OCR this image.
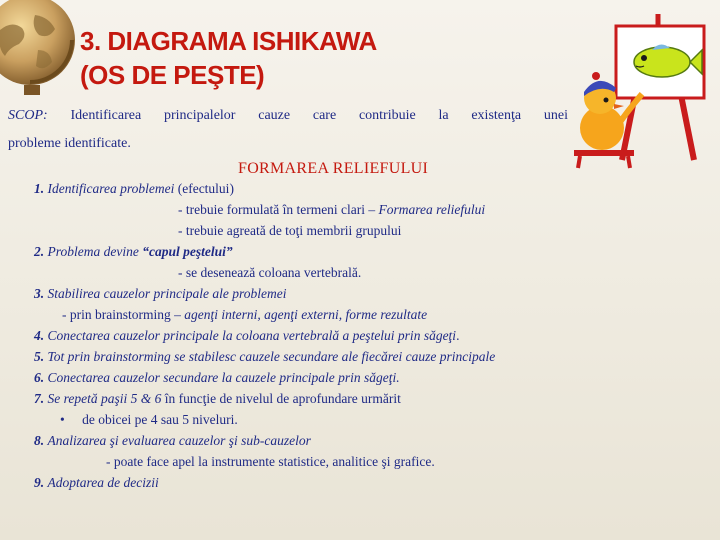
3. DIAGRAMA ISHIKAWA
(OS DE PEŞTE)
SCOP: Identificarea principalelor cauze care contribuie la existenţa unei
probleme identificate.
FORMAREA RELIEFULUI
1. Identificarea problemei (efectului)
- trebuie formulată în termeni clari – Formarea reliefului
- trebuie agreată de toţi membrii grupului
2. Problema devine “capul peştelui”
- se desenează coloana vertebrală.
3. Stabilirea cauzelor principale ale problemei
- prin brainstorming – agenţi interni, agenţi externi, forme rezultate
4. Conectarea cauzelor principale la coloana vertebrală a peştelui prin săgeţi.
5. Tot prin brainstorming se stabilesc cauzele secundare ale fiecărei cauze principale
6. Conectarea cauzelor secundare la cauzele principale prin săgeţi.
7. Se repetă paşii 5 & 6 în funcţie de nivelul de aprofundare urmărit
• de obicei pe 4 sau 5 niveluri.
8. Analizarea şi evaluarea cauzelor şi sub-cauzelor
- poate face apel la instrumente statistice, analitice şi grafice.
9. Adoptarea de decizii
